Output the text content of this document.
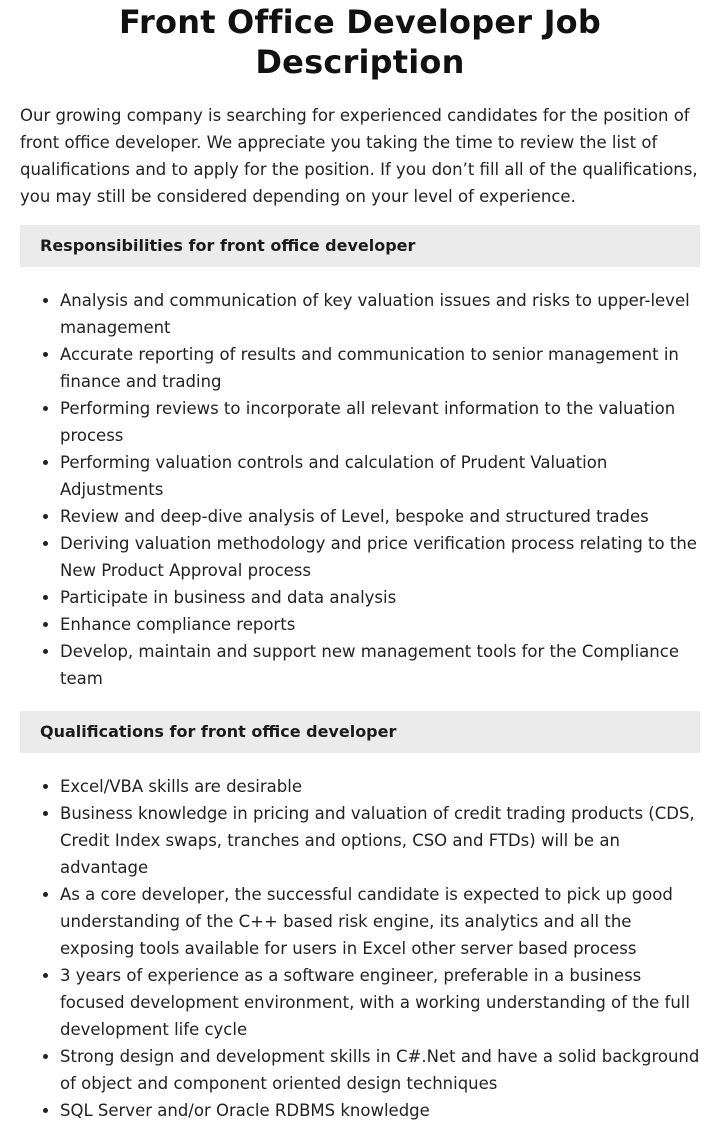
Front Office Developer Job Description

Our growing company is searching for experienced candidates for the position of front office developer. We appreciate you taking the time to review the list of qualifications and to apply for the position. If you don’t fill all of the qualifications, you may still be considered depending on your level of experience.

Responsibilities for front office developer
• Analysis and communication of key valuation issues and risks to upper-level management
• Accurate reporting of results and communication to senior management in finance and trading
• Performing reviews to incorporate all relevant information to the valuation process
• Performing valuation controls and calculation of Prudent Valuation Adjustments
• Review and deep-dive analysis of Level, bespoke and structured trades
• Deriving valuation methodology and price verification process relating to the New Product Approval process
• Participate in business and data analysis
• Enhance compliance reports
• Develop, maintain and support new management tools for the Compliance team
Qualifications for front office developer
• Excel/VBA skills are desirable
• Business knowledge in pricing and valuation of credit trading products (CDS, Credit Index swaps, tranches and options, CSO and FTDs) will be an advantage
• As a core developer, the successful candidate is expected to pick up good understanding of the C++ based risk engine, its analytics and all the exposing tools available for users in Excel other server based process
• 3 years of experience as a software engineer, preferable in a business focused development environment, with a working understanding of the full development life cycle
• Strong design and development skills in C#.Net and have a solid background of object and component oriented design techniques
• SQL Server and/or Oracle RDBMS knowledge
